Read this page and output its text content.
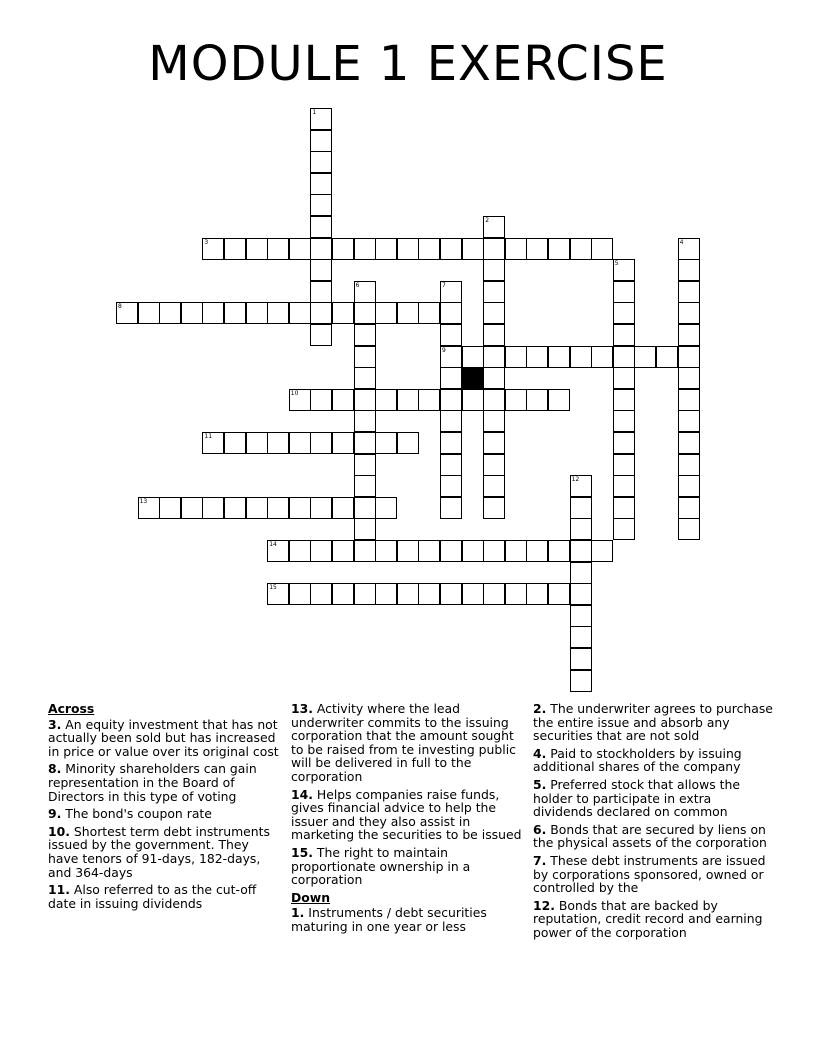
MODULE 1 EXERCISE
1
2
3	4
5
6	7
8
9
10
11
12
13
14
15
Across
3. An equity investment that has not actually been sold but has increased in price or value over its original cost
8. Minority shareholders can gain representation in the Board of Directors in this type of voting
9. The bond's coupon rate
10. Shortest term debt instruments issued by the government. They have tenors of 91-days, 182-days, and 364-days
11. Also referred to as the cut-off date in issuing dividends
13. Activity where the lead underwriter commits to the issuing corporation that the amount sought to be raised from te investing public will be delivered in full to the corporation
14. Helps companies raise funds, gives financial advice to help the issuer and they also assist in marketing the securities to be issued
15. The right to maintain proportionate ownership in a corporation
Down
1. Instruments / debt securities maturing in one year or less
2. The underwriter agrees to purchase the entire issue and absorb any securities that are not sold
4. Paid to stockholders by issuing additional shares of the company
5. Preferred stock that allows the holder to participate in extra dividends declared on common
6. Bonds that are secured by liens on the physical assets of the corporation
7. These debt instruments are issued by corporations sponsored, owned or controlled by the
12. Bonds that are backed by reputation, credit record and earning power of the corporation
